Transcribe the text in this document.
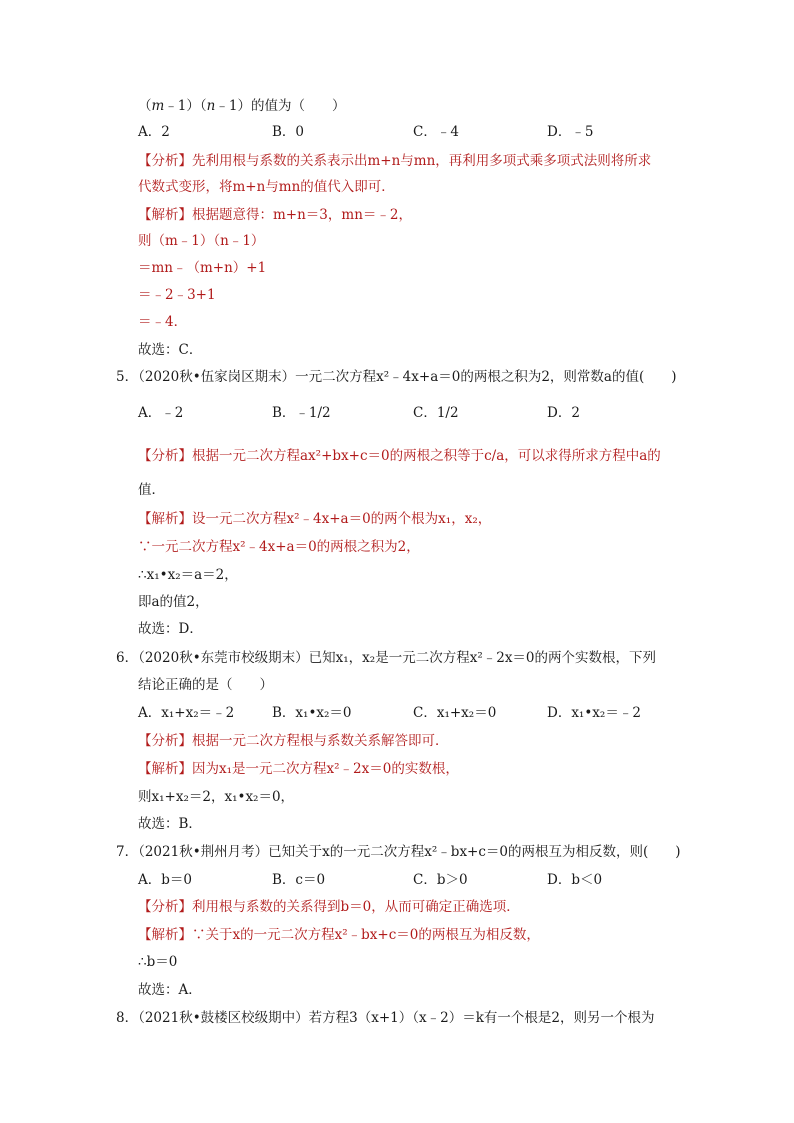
（m﹣1）（n﹣1）的值为（　　）
A．2	B．0	C．﹣4	D．﹣5
【分析】先利用根与系数的关系表示出m+n与mn，再利用多项式乘多项式法则将所求
代数式变形，将m+n与mn的值代入即可．
【解析】根据题意得：m+n＝3，mn＝﹣2，
则（m﹣1）（n﹣1）
＝mn﹣（m+n）+1
＝﹣2﹣3+1
＝﹣4．
故选：C．
5．（2020秋•伍家岗区期末）一元二次方程x²﹣4x+a＝0的两根之积为2，则常数a的值(　　)
A．﹣2	B．﹣1/2	C．1/2	D．2
【分析】根据一元二次方程ax²+bx+c＝0的两根之积等于c/a，可以求得所求方程中a的
值．
【解析】设一元二次方程x²﹣4x+a＝0的两个根为x₁，x₂，
∵一元二次方程x²﹣4x+a＝0的两根之积为2，
∴x₁•x₂＝a＝2，
即a的值2，
故选：D．
6．（2020秋•东莞市校级期末）已知x₁，x₂是一元二次方程x²﹣2x＝0的两个实数根，下列
结论正确的是（　　）
A．x₁+x₂＝﹣2	B．x₁•x₂＝0	C．x₁+x₂＝0	D．x₁•x₂＝﹣2
【分析】根据一元二次方程根与系数关系解答即可．
【解析】因为x₁是一元二次方程x²﹣2x＝0的实数根，
则x₁+x₂＝2，x₁•x₂＝0，
故选：B．
7．（2021秋•荆州月考）已知关于x的一元二次方程x²﹣bx+c＝0的两根互为相反数，则(　　)
A．b＝0	B．c＝0	C．b＞0	D．b＜0
【分析】利用根与系数的关系得到b＝0，从而可确定正确选项．
【解析】∵关于x的一元二次方程x²﹣bx+c＝0的两根互为相反数，
∴b＝0
故选：A．
8．（2021秋•鼓楼区校级期中）若方程3（x+1）（x﹣2）＝k有一个根是2，则另一个根为
